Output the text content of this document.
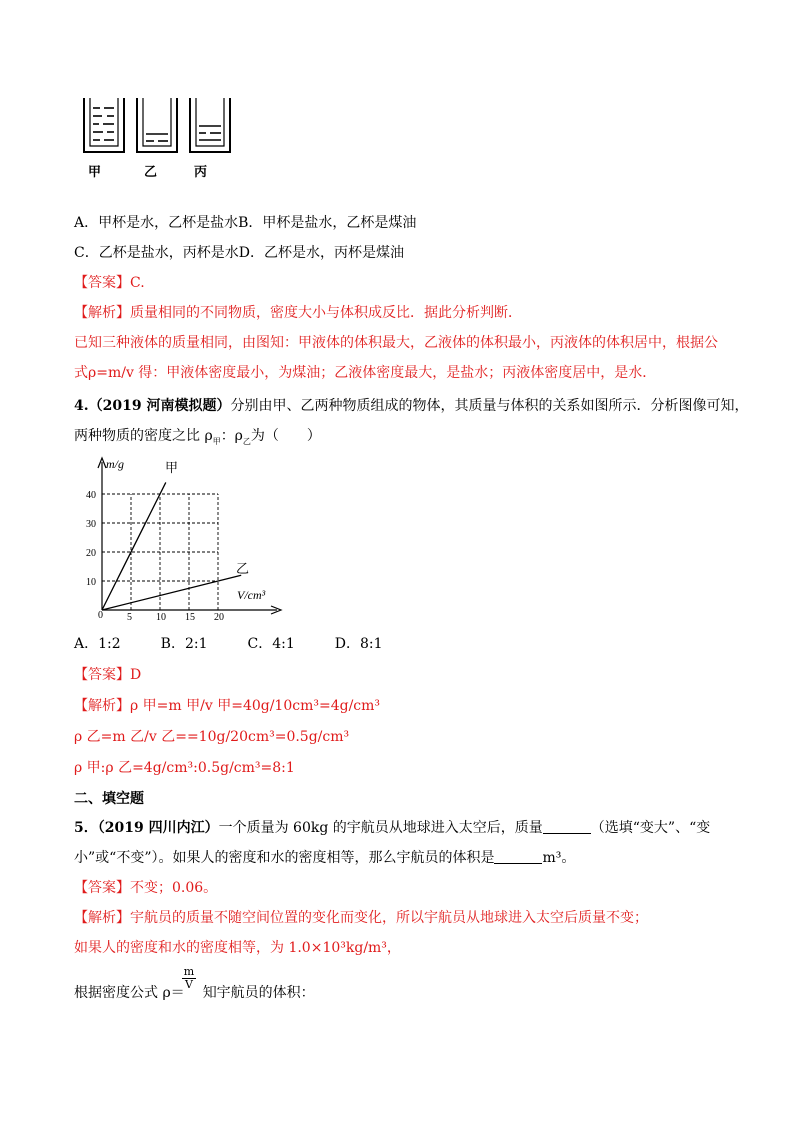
甲	乙	丙
A．甲杯是水，乙杯是盐水B．甲杯是盐水，乙杯是煤油
C．乙杯是盐水，丙杯是水D．乙杯是水，丙杯是煤油
【答案】C.
【解析】质量相同的不同物质，密度大小与体积成反比．据此分析判断．
已知三种液体的质量相同，由图知：甲液体的体积最大，乙液体的体积最小，丙液体的体积居中，根据公
式ρ=m/v 得：甲液体密度最小，为煤油；乙液体密度最大，是盐水；丙液体密度居中，是水．
4.（2019 河南模拟题）分别由甲、乙两种物质组成的物体，其质量与体积的关系如图所示．分析图像可知，
两种物质的密度之比 $\rho_甲$：$\rho_乙$为（　　）
5 10 15 20
10
20
30
40
m/g
V/cm³
甲
乙
0
A．1:2	B．2:1	C．4:1	D．8:1
【答案】D
【解析】ρ 甲=m 甲/v 甲=40g/10cm³=4g/cm³
ρ 乙=m 乙/v 乙==10g/20cm³=0.5g/cm³
ρ 甲:ρ 乙=4g/cm³:0.5g/cm³=8:1
二、填空题
5．（2019 四川内江）一个质量为 60kg 的宇航员从地球进入太空后，质量	（选填“变大”、“变
小”或“不变”）。如果人的密度和水的密度相等，那么宇航员的体积是	m³。
【答案】不变；0.06。
【解析】宇航员的质量不随空间位置的变化而变化，所以宇航员从地球进入太空后质量不变；
如果人的密度和水的密度相等，为 1.0×10³kg/m³，
根据密度公式 ρ＝ 知宇航员的体积：
$\frac{m}{V}$
